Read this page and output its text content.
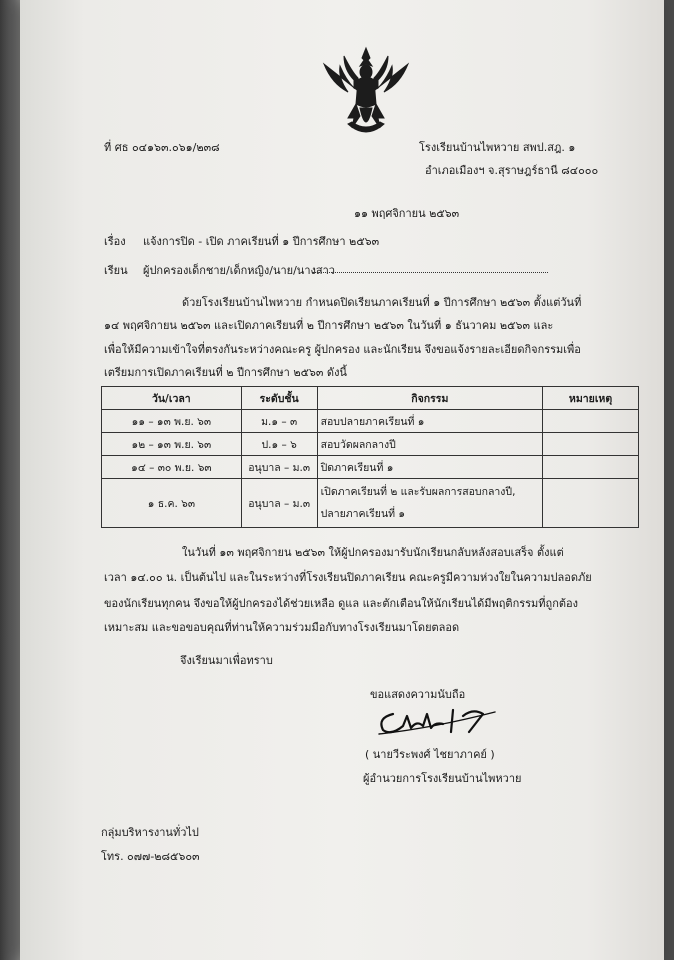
ที่ ศธ ๐๔๑๖๓.๐๖๑/๒๓๘	โรงเรียนบ้านไพหวาย สพป.สฎ. ๑
อำเภอเมืองฯ จ.สุราษฎร์ธานี ๘๔๐๐๐
๑๑ พฤศจิกายน ๒๕๖๓
เรื่อง แจ้งการปิด - เปิด ภาคเรียนที่ ๑ ปีการศึกษา ๒๕๖๓
เรียน ผู้ปกครองเด็กชาย/เด็กหญิง/นาย/นางสาว
ด้วยโรงเรียนบ้านไพหวาย กำหนดปิดเรียนภาคเรียนที่ ๑ ปีการศึกษา ๒๕๖๓ ตั้งแต่วันที่
๑๔ พฤศจิกายน ๒๕๖๓ และเปิดภาคเรียนที่ ๒ ปีการศึกษา ๒๕๖๓ ในวันที่ ๑ ธันวาคม ๒๕๖๓ และ
เพื่อให้มีความเข้าใจที่ตรงกันระหว่างคณะครู ผู้ปกครอง และนักเรียน จึงขอแจ้งรายละเอียดกิจกรรมเพื่อ
เตรียมการเปิดภาคเรียนที่ ๒ ปีการศึกษา ๒๕๖๓ ดังนี้
วัน/เวลา	ระดับชั้น	กิจกรรม	หมายเหตุ
๑๑ – ๑๓ พ.ย. ๖๓	ม.๑ – ๓	สอบปลายภาคเรียนที่ ๑	
๑๒ – ๑๓ พ.ย. ๖๓	ป.๑ – ๖	สอบวัดผลกลางปี	
๑๔ – ๓๐ พ.ย. ๖๓	อนุบาล – ม.๓	ปิดภาคเรียนที่ ๑	
๑ ธ.ค. ๖๓	อนุบาล – ม.๓	เปิดภาคเรียนที่ ๒ และรับผลการสอบกลางปี,
ปลายภาคเรียนที่ ๑	

ในวันที่ ๑๓ พฤศจิกายน ๒๕๖๓ ให้ผู้ปกครองมารับนักเรียนกลับหลังสอบเสร็จ ตั้งแต่
เวลา ๑๔.๐๐ น. เป็นต้นไป และในระหว่างที่โรงเรียนปิดภาคเรียน คณะครูมีความห่วงใยในความปลอดภัย
ของนักเรียนทุกคน จึงขอให้ผู้ปกครองได้ช่วยเหลือ ดูแล และตักเตือนให้นักเรียนได้มีพฤติกรรมที่ถูกต้อง
เหมาะสม และขอขอบคุณที่ท่านให้ความร่วมมือกับทางโรงเรียนมาโดยตลอด
จึงเรียนมาเพื่อทราบ
ขอแสดงความนับถือ
( นายวีระพงศ์ ไชยาภาคย์ )
ผู้อำนวยการโรงเรียนบ้านไพหวาย
กลุ่มบริหารงานทั่วไป
โทร. ๐๗๗-๒๘๕๖๐๓
